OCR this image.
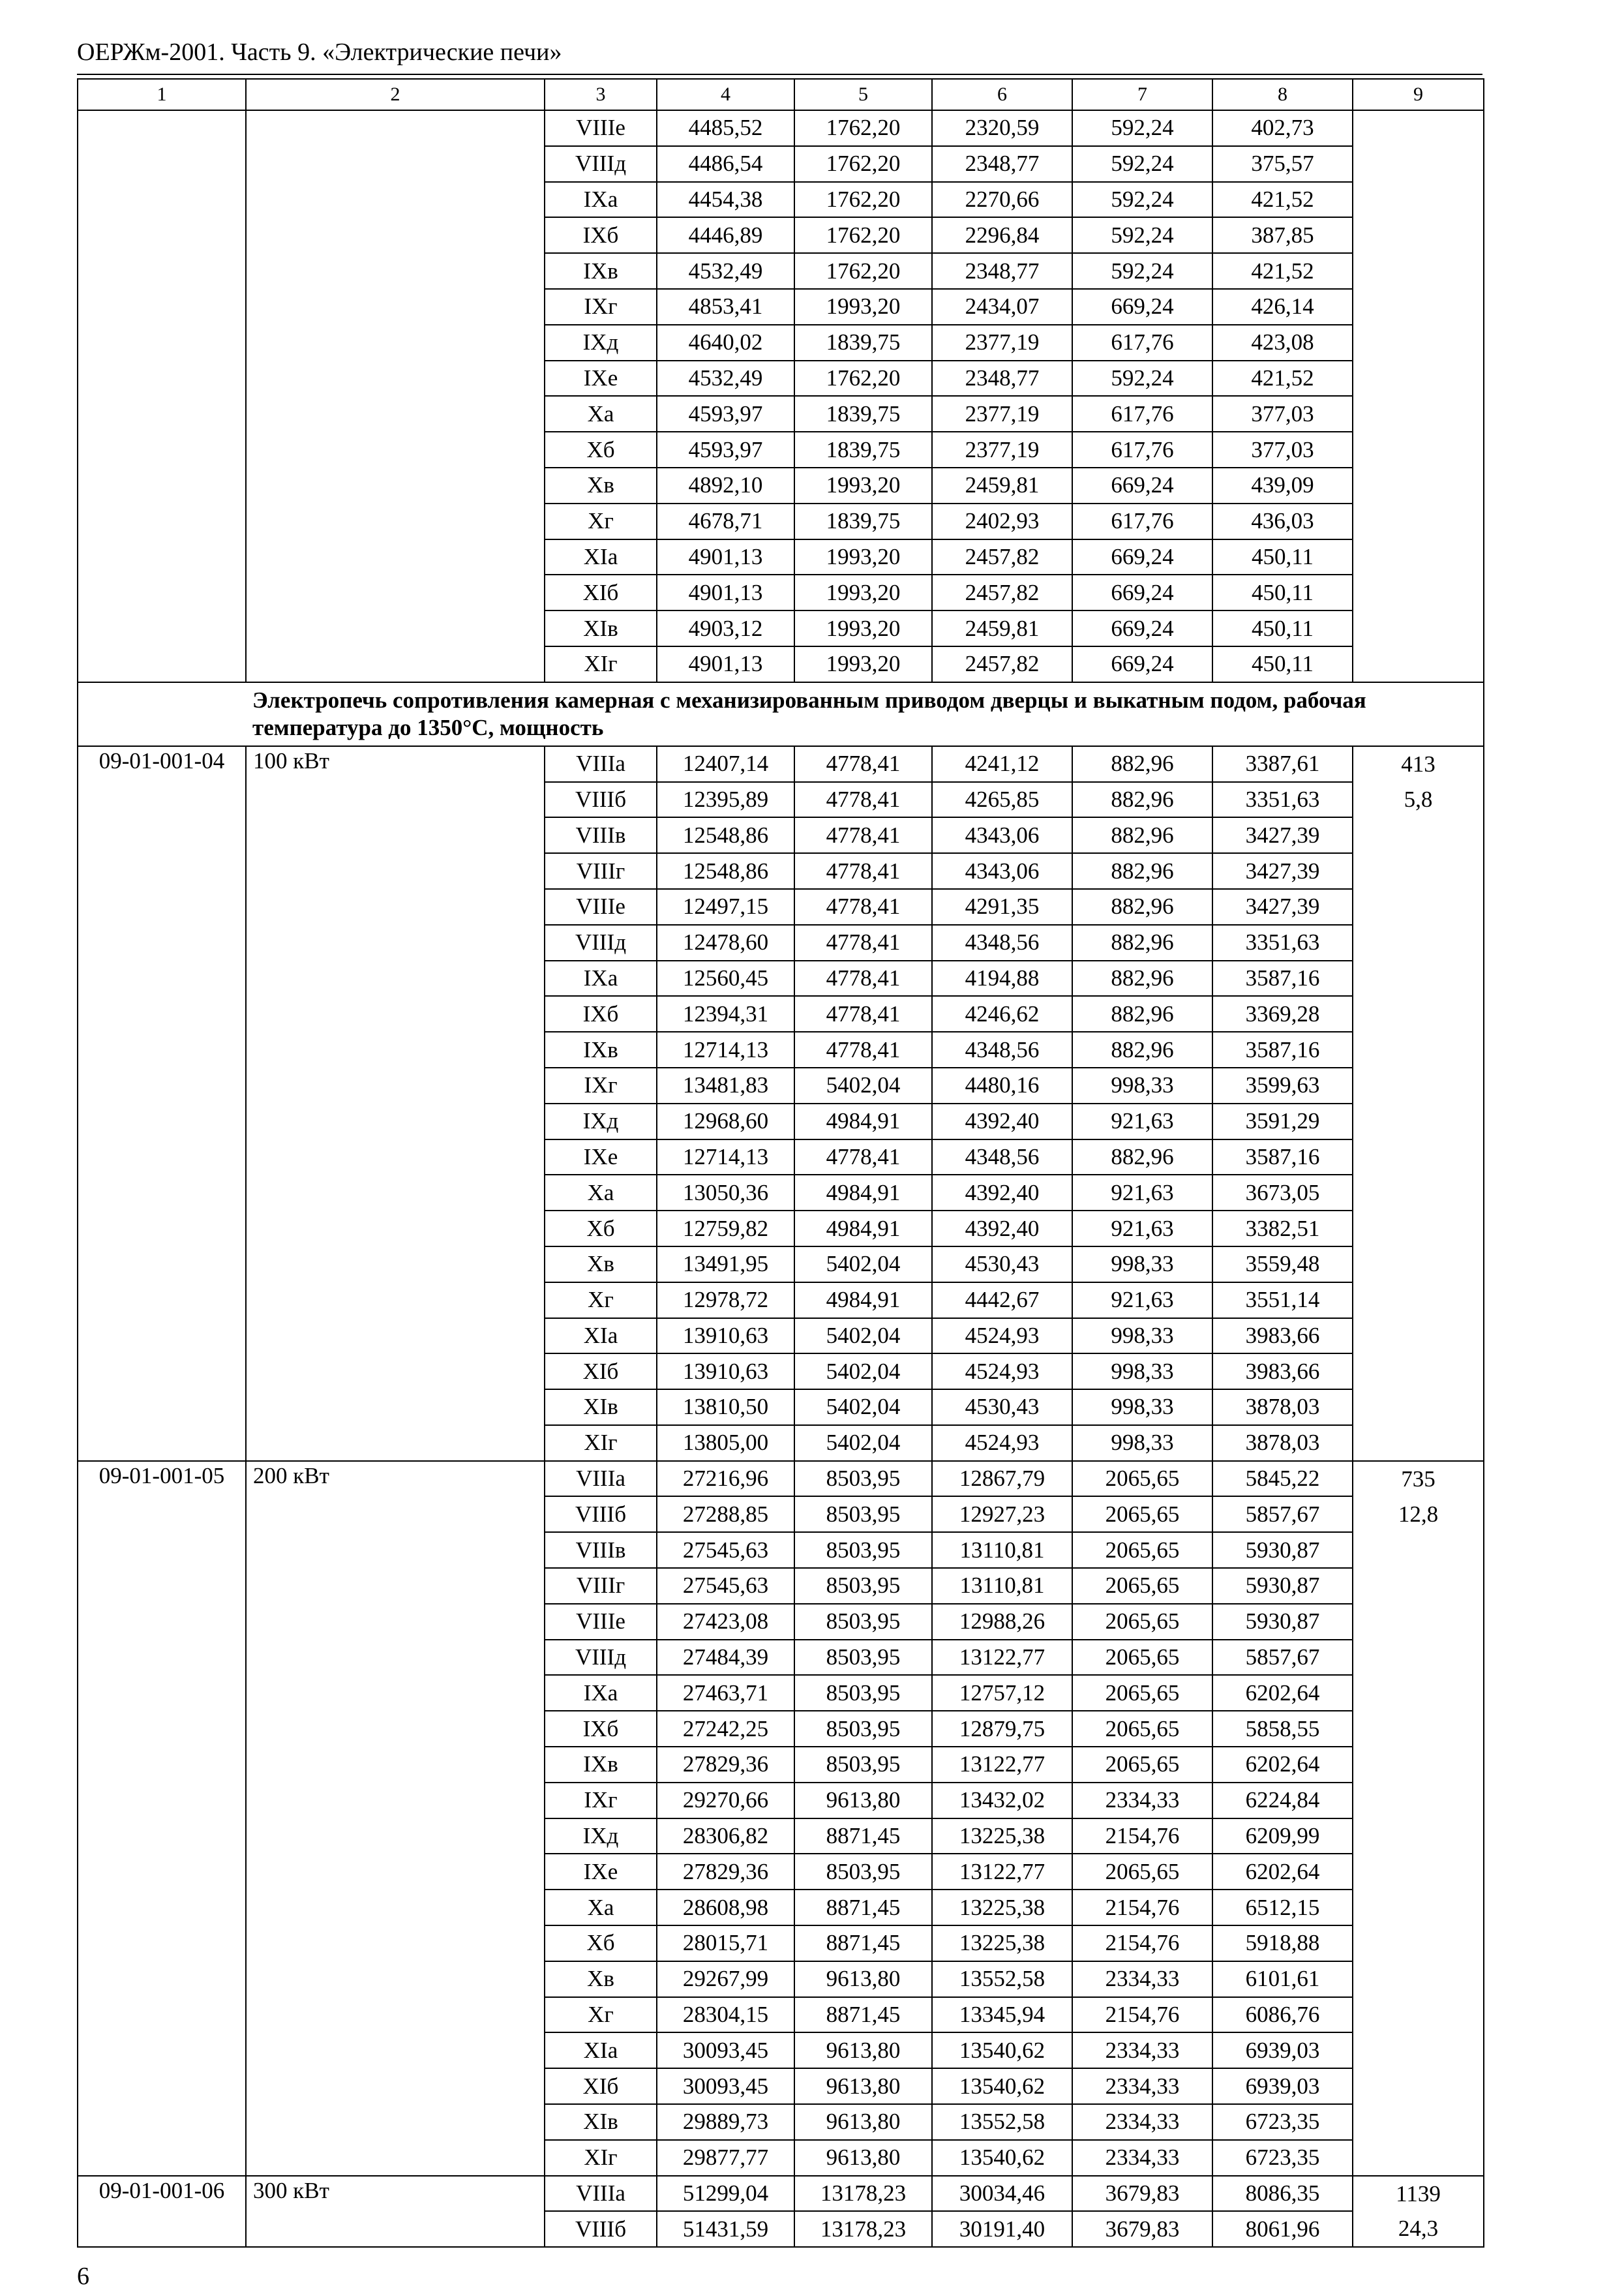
ОЕРЖм-2001. Часть 9. «Электрические печи»
1	2	3	4	5	6	7	8	9
		VIIIe	4485,52	1762,20	2320,59	592,24	402,73	
		VIIIд	4486,54	1762,20	2348,77	592,24	375,57	
		IXa	4454,38	1762,20	2270,66	592,24	421,52	
		IXб	4446,89	1762,20	2296,84	592,24	387,85	
		IXв	4532,49	1762,20	2348,77	592,24	421,52	
		IXг	4853,41	1993,20	2434,07	669,24	426,14	
		IXд	4640,02	1839,75	2377,19	617,76	423,08	
		IXe	4532,49	1762,20	2348,77	592,24	421,52	
		Xa	4593,97	1839,75	2377,19	617,76	377,03	
		Xб	4593,97	1839,75	2377,19	617,76	377,03	
		Xв	4892,10	1993,20	2459,81	669,24	439,09	
		Xг	4678,71	1839,75	2402,93	617,76	436,03	
		XIa	4901,13	1993,20	2457,82	669,24	450,11	
		XIб	4901,13	1993,20	2457,82	669,24	450,11	
		XIв	4903,12	1993,20	2459,81	669,24	450,11	
		XIг	4901,13	1993,20	2457,82	669,24	450,11	
	Электропечь сопротивления камерная с механизированным приводом дверцы и выкатным подом, рабочая температура до 1350°С, мощность							
09-01-001-04	100 кВт	VIIIa	12407,14	4778,41	4241,12	882,96	3387,61	413
		VIIIб	12395,89	4778,41	4265,85	882,96	3351,63	5,8
		VIIIв	12548,86	4778,41	4343,06	882,96	3427,39	
		VIIIг	12548,86	4778,41	4343,06	882,96	3427,39	
		VIIIe	12497,15	4778,41	4291,35	882,96	3427,39	
		VIIIд	12478,60	4778,41	4348,56	882,96	3351,63	
		IXa	12560,45	4778,41	4194,88	882,96	3587,16	
		IXб	12394,31	4778,41	4246,62	882,96	3369,28	
		IXв	12714,13	4778,41	4348,56	882,96	3587,16	
		IXг	13481,83	5402,04	4480,16	998,33	3599,63	
		IXд	12968,60	4984,91	4392,40	921,63	3591,29	
		IXe	12714,13	4778,41	4348,56	882,96	3587,16	
		Xa	13050,36	4984,91	4392,40	921,63	3673,05	
		Xб	12759,82	4984,91	4392,40	921,63	3382,51	
		Xв	13491,95	5402,04	4530,43	998,33	3559,48	
		Xг	12978,72	4984,91	4442,67	921,63	3551,14	
		XIa	13910,63	5402,04	4524,93	998,33	3983,66	
		XIб	13910,63	5402,04	4524,93	998,33	3983,66	
		XIв	13810,50	5402,04	4530,43	998,33	3878,03	
		XIг	13805,00	5402,04	4524,93	998,33	3878,03	
09-01-001-05	200 кВт	VIIIa	27216,96	8503,95	12867,79	2065,65	5845,22	735
		VIIIб	27288,85	8503,95	12927,23	2065,65	5857,67	12,8
		VIIIв	27545,63	8503,95	13110,81	2065,65	5930,87	
		VIIIг	27545,63	8503,95	13110,81	2065,65	5930,87	
		VIIIe	27423,08	8503,95	12988,26	2065,65	5930,87	
		VIIIд	27484,39	8503,95	13122,77	2065,65	5857,67	
		IXa	27463,71	8503,95	12757,12	2065,65	6202,64	
		IXб	27242,25	8503,95	12879,75	2065,65	5858,55	
		IXв	27829,36	8503,95	13122,77	2065,65	6202,64	
		IXг	29270,66	9613,80	13432,02	2334,33	6224,84	
		IXд	28306,82	8871,45	13225,38	2154,76	6209,99	
		IXe	27829,36	8503,95	13122,77	2065,65	6202,64	
		Xa	28608,98	8871,45	13225,38	2154,76	6512,15	
		Xб	28015,71	8871,45	13225,38	2154,76	5918,88	
		Xв	29267,99	9613,80	13552,58	2334,33	6101,61	
		Xг	28304,15	8871,45	13345,94	2154,76	6086,76	
		XIa	30093,45	9613,80	13540,62	2334,33	6939,03	
		XIб	30093,45	9613,80	13540,62	2334,33	6939,03	
		XIв	29889,73	9613,80	13552,58	2334,33	6723,35	
		XIг	29877,77	9613,80	13540,62	2334,33	6723,35	
09-01-001-06	300 кВт	VIIIa	51299,04	13178,23	30034,46	3679,83	8086,35	1139
		VIIIб	51431,59	13178,23	30191,40	3679,83	8061,96	24,3
6
